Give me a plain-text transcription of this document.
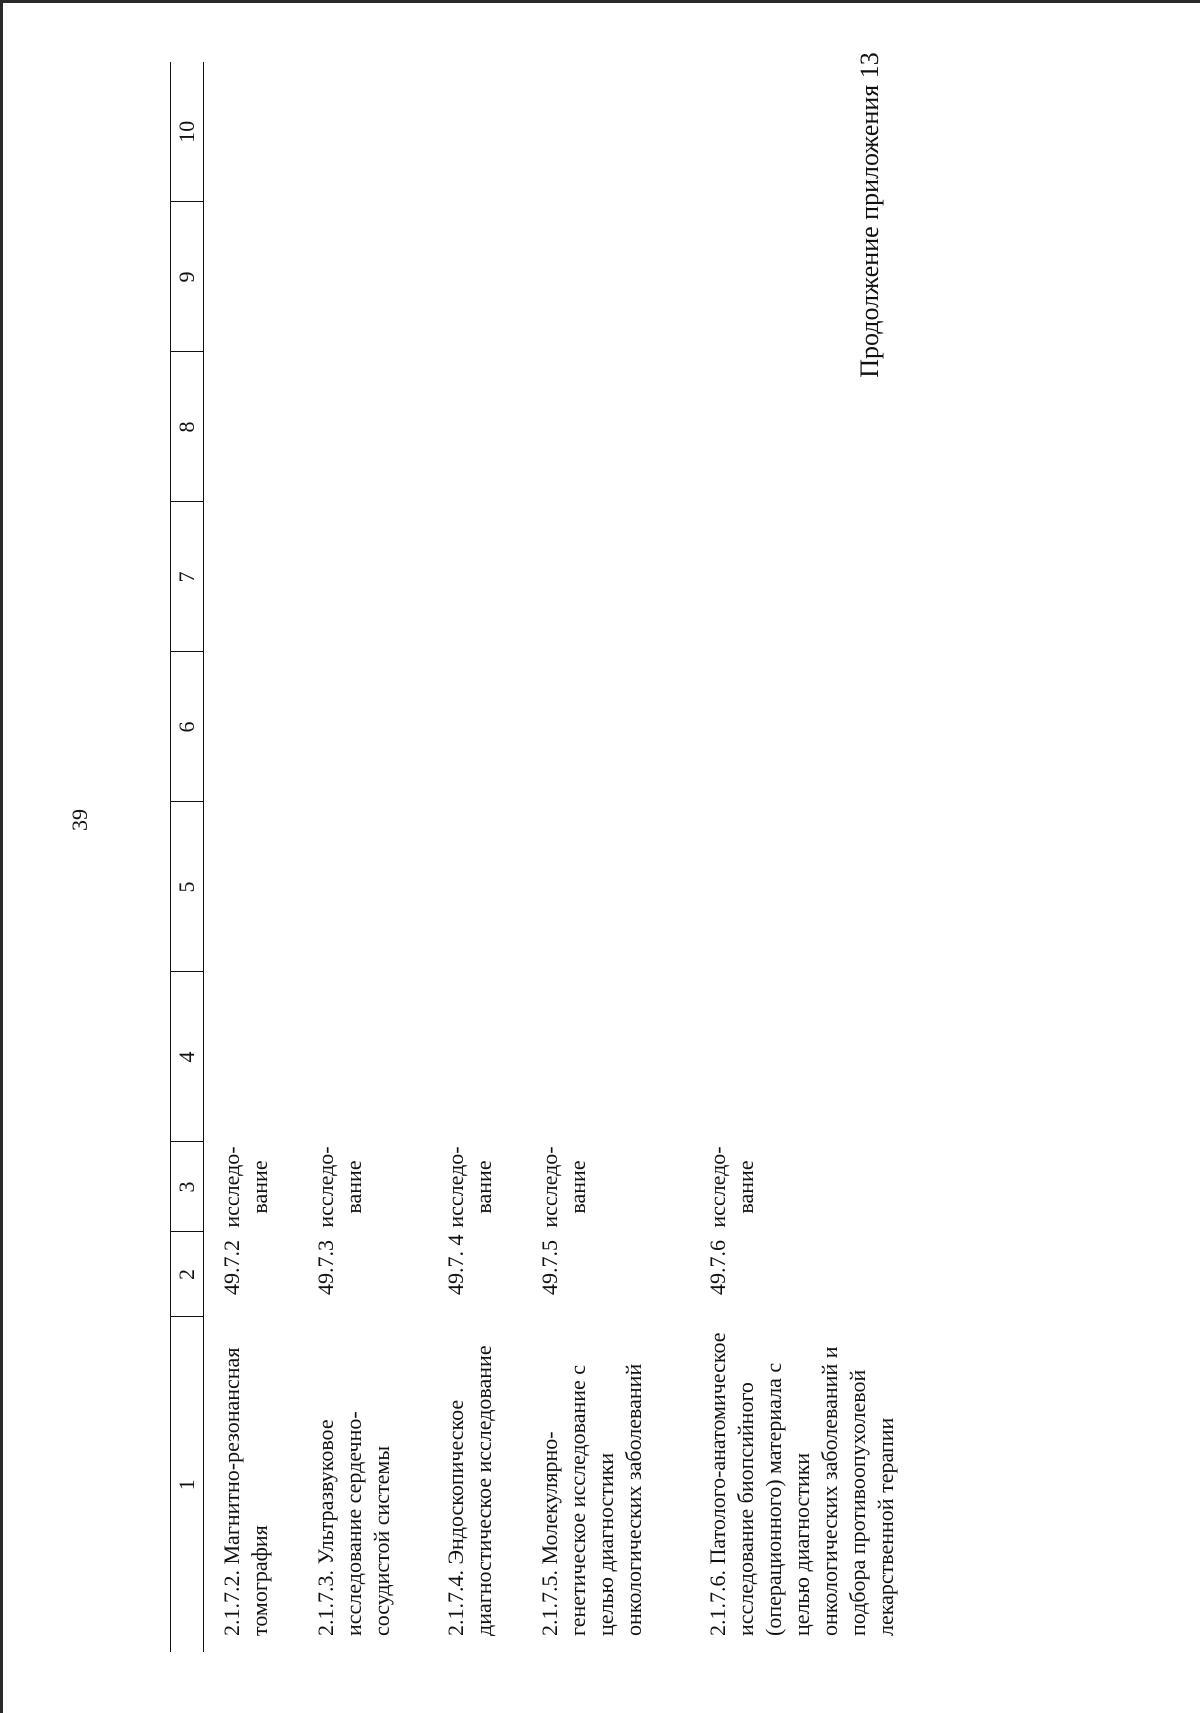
39
Продолжение приложения 13
1	2	3	4	5	6	7	8	9	10
2.1.7.2. Магнитно-резонансная томография	49.7.2	исследо- вание							

2.1.7.3. Ультразвуковое исследование сердечно-сосудистой системы	49.7.3	исследо- вание							

2.1.7.4. Эндоскопическое диагностическое исследование	49.7. 4	исследо- вание							

2.1.7.5. Молекулярно-генетическое исследование с целью диагностики онкологических заболеваний	49.7.5	исследо- вание							

2.1.7.6. Патолого-анатомическое исследование биопсийного (операционного) материала с целью диагностики онкологических заболеваний и подбора противоопухолевой лекарственной терапии	49.7.6	исследо- вание							
